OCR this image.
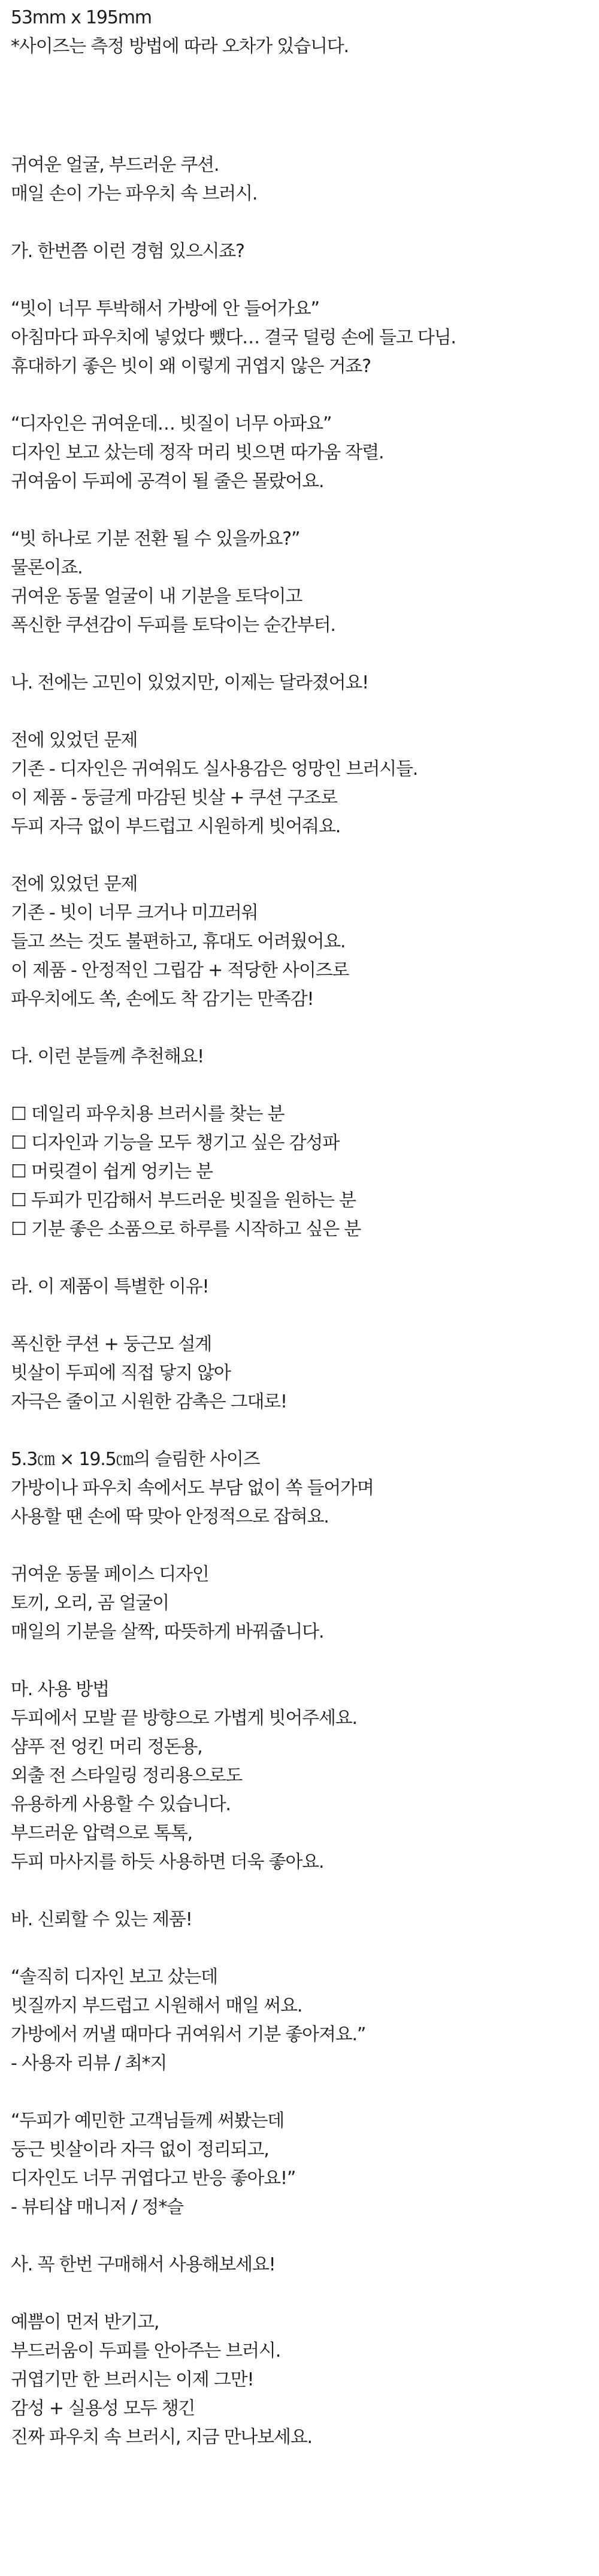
53mm x 195mm
*사이즈는 측정 방법에 따라 오차가 있습니다.
귀여운 얼굴, 부드러운 쿠션.
매일 손이 가는 파우치 속 브러시.
가. 한번쯤 이런 경험 있으시죠?
“빗이 너무 투박해서 가방에 안 들어가요”
아침마다 파우치에 넣었다 뺐다… 결국 덜렁 손에 들고 다님.
휴대하기 좋은 빗이 왜 이렇게 귀엽지 않은 거죠?
“디자인은 귀여운데… 빗질이 너무 아파요”
디자인 보고 샀는데 정작 머리 빗으면 따가움 작렬.
귀여움이 두피에 공격이 될 줄은 몰랐어요.
“빗 하나로 기분 전환 될 수 있을까요?”
물론이죠.
귀여운 동물 얼굴이 내 기분을 토닥이고
폭신한 쿠션감이 두피를 토닥이는 순간부터.
나. 전에는 고민이 있었지만, 이제는 달라졌어요!
전에 있었던 문제
기존 - 디자인은 귀여워도 실사용감은 엉망인 브러시들.
이 제품 - 둥글게 마감된 빗살 + 쿠션 구조로
두피 자극 없이 부드럽고 시원하게 빗어줘요.
전에 있었던 문제
기존 - 빗이 너무 크거나 미끄러워
들고 쓰는 것도 불편하고, 휴대도 어려웠어요.
이 제품 - 안정적인 그립감 + 적당한 사이즈로
파우치에도 쏙, 손에도 착 감기는 만족감!
다. 이런 분들께 추천해요!
☐ 데일리 파우치용 브러시를 찾는 분
☐ 디자인과 기능을 모두 챙기고 싶은 감성파
☐ 머릿결이 쉽게 엉키는 분
☐ 두피가 민감해서 부드러운 빗질을 원하는 분
☐ 기분 좋은 소품으로 하루를 시작하고 싶은 분
라. 이 제품이 특별한 이유!
폭신한 쿠션 + 둥근모 설계
빗살이 두피에 직접 닿지 않아
자극은 줄이고 시원한 감촉은 그대로!
5.3㎝ × 19.5㎝의 슬림한 사이즈
가방이나 파우치 속에서도 부담 없이 쏙 들어가며
사용할 땐 손에 딱 맞아 안정적으로 잡혀요.
귀여운 동물 페이스 디자인
토끼, 오리, 곰 얼굴이
매일의 기분을 살짝, 따뜻하게 바꿔줍니다.
마. 사용 방법
두피에서 모발 끝 방향으로 가볍게 빗어주세요.
샴푸 전 엉킨 머리 정돈용,
외출 전 스타일링 정리용으로도
유용하게 사용할 수 있습니다.
부드러운 압력으로 톡톡,
두피 마사지를 하듯 사용하면 더욱 좋아요.
바. 신뢰할 수 있는 제품!
“솔직히 디자인 보고 샀는데
빗질까지 부드럽고 시원해서 매일 써요.
가방에서 꺼낼 때마다 귀여워서 기분 좋아져요.”
- 사용자 리뷰 / 최*지
“두피가 예민한 고객님들께 써봤는데
둥근 빗살이라 자극 없이 정리되고,
디자인도 너무 귀엽다고 반응 좋아요!”
- 뷰티샵 매니저 / 정*슬
사. 꼭 한번 구매해서 사용해보세요!
예쁨이 먼저 반기고,
부드러움이 두피를 안아주는 브러시.
귀엽기만 한 브러시는 이제 그만!
감성 + 실용성 모두 챙긴
진짜 파우치 속 브러시, 지금 만나보세요.
